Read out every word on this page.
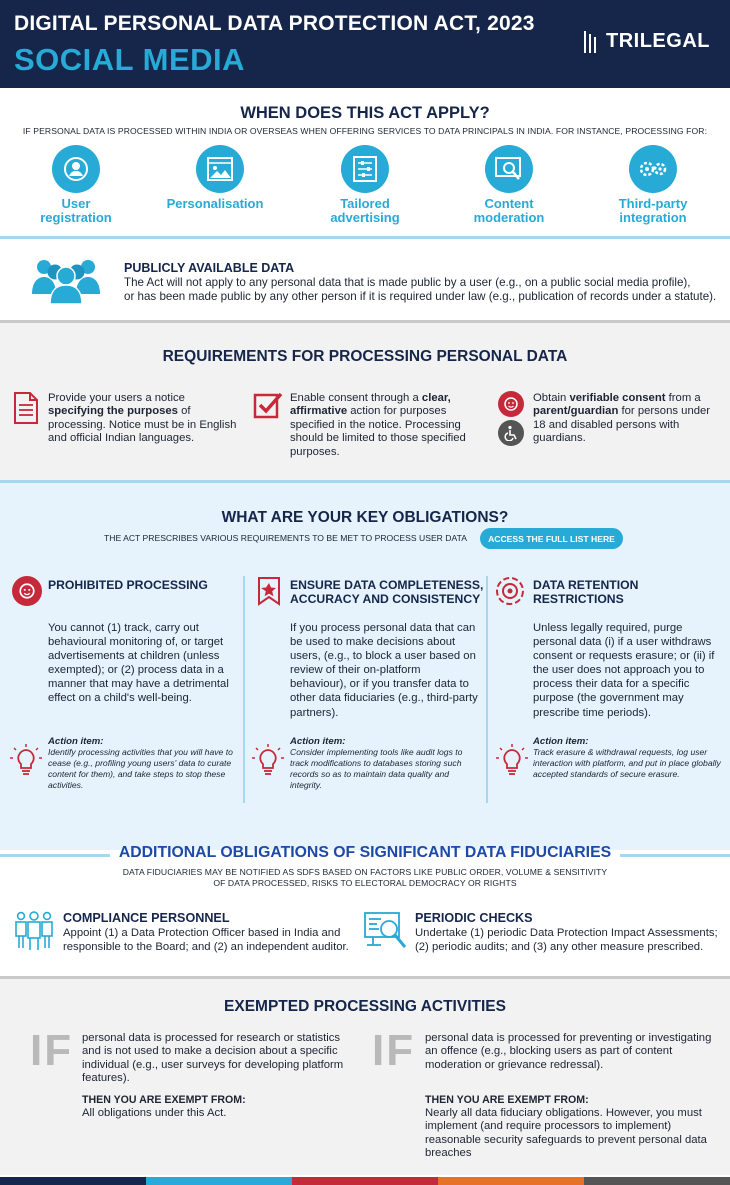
DIGITAL PERSONAL DATA PROTECTION ACT, 2023
SOCIAL MEDIA
TRILEGAL
WHEN DOES THIS ACT APPLY?
IF PERSONAL DATA IS PROCESSED WITHIN INDIA OR OVERSEAS WHEN OFFERING SERVICES TO DATA PRINCIPALS IN INDIA. FOR INSTANCE, PROCESSING FOR:
User
registration
Personalisation	Tailored
advertising
Content
moderation
Third-party
integration
PUBLICLY AVAILABLE DATA
The Act will not apply to any personal data that is made public by a user (e.g., on a public social media profile),
or has been made public by any other person if it is required under law (e.g., publication of records under a statute).
REQUIREMENTS FOR PROCESSING PERSONAL DATA
Provide your users a notice specifying the purposes of processing. Notice must be in English and official Indian languages.
Enable consent through a clear, affirmative action for purposes specified in the notice. Processing should be limited to those specified purposes.
Obtain verifiable consent from a parent/guardian for persons under 18 and disabled persons with guardians.
WHAT ARE YOUR KEY OBLIGATIONS?
THE ACT PRESCRIBES VARIOUS REQUIREMENTS TO BE MET TO PROCESS USER DATA	ACCESS THE FULL LIST HERE
PROHIBITED PROCESSING
You cannot (1) track, carry out behavioural monitoring of, or target advertisements at children (unless exempted); or (2) process data in a manner that may have a detrimental effect on a child's well-being.
Action item:
Identify processing activities that you will have to cease (e.g., profiling young users' data to curate content for them), and take steps to stop these activities.
ENSURE DATA COMPLETENESS,
ACCURACY AND CONSISTENCY
If you process personal data that can be used to make decisions about users, (e.g., to block a user based on review of their on-platform behaviour), or if you transfer data to other data fiduciaries (e.g., third-party partners).
Action item:
Consider implementing tools like audit logs to track modifications to databases storing such records so as to maintain data quality and integrity.
DATA RETENTION
RESTRICTIONS
Unless legally required, purge personal data (i) if a user withdraws consent or requests erasure; or (ii) if the user does not approach you to process their data for a specific purpose (the government may prescribe time periods).
Action item:
Track erasure & withdrawal requests, log user interaction with platform, and put in place globally accepted standards of secure erasure.
ADDITIONAL OBLIGATIONS OF SIGNIFICANT DATA FIDUCIARIES
DATA FIDUCIARIES MAY BE NOTIFIED AS SDFS BASED ON FACTORS LIKE PUBLIC ORDER, VOLUME & SENSITIVITY
OF DATA PROCESSED, RISKS TO ELECTORAL DEMOCRACY OR RIGHTS
COMPLIANCE PERSONNEL
Appoint (1) a Data Protection Officer based in India and
responsible to the Board; and (2) an independent auditor.
PERIODIC CHECKS
Undertake (1) periodic Data Protection Impact Assessments;
(2) periodic audits; and (3) any other measure prescribed.
EXEMPTED PROCESSING ACTIVITIES
IF personal data is processed for research or statistics and is not used to make a decision about a specific individual (e.g., user surveys for developing platform features).
THEN YOU ARE EXEMPT FROM:
All obligations under this Act.
IF personal data is processed for preventing or investigating an offence (e.g., blocking users as part of content moderation or grievance redressal).
THEN YOU ARE EXEMPT FROM:
Nearly all data fiduciary obligations. However, you must implement (and require processors to implement) reasonable security safeguards to prevent personal data breaches
